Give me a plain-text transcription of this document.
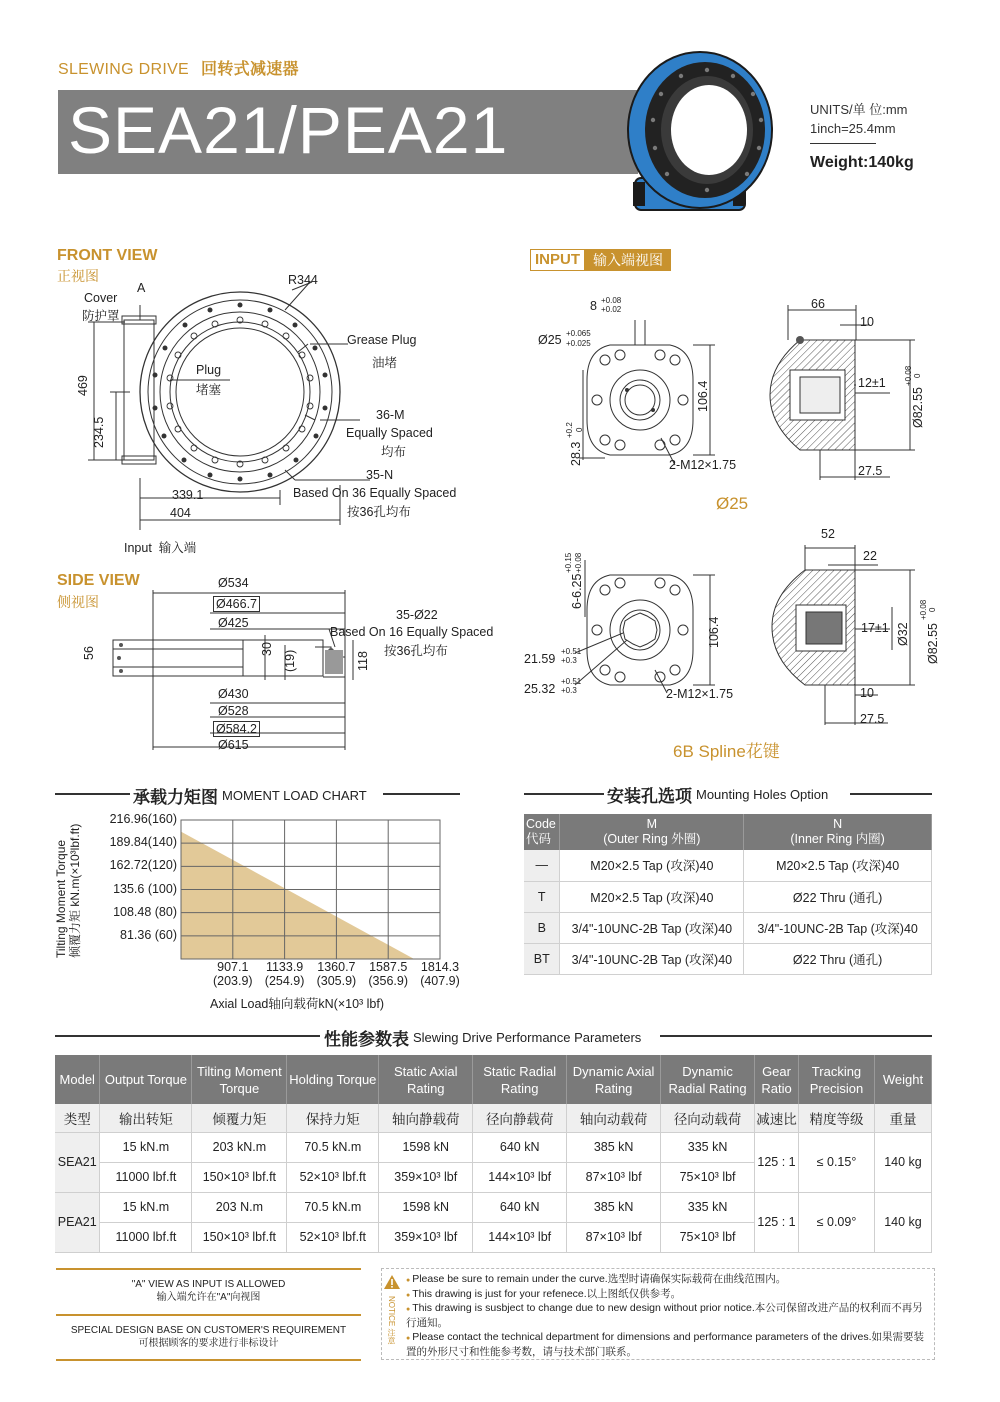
SLEWING DRIVE 回转式减速器
SEA21/PEA21	UNITS/单 位:mm
1inch=25.4mm
Weight:140kg
FRONT VIEW
正视图
A
Cover
防护罩
R344
Grease Plug
油堵
Plug
堵塞
36-M
Equally Spaced
均布
35-N
Based On 36 Equally Spaced
按36孔均布
469
234.5
339.1
404
Input 输入端
SIDE VIEW
侧视图
Ø534
Ø466.7
Ø425
35-Ø22
Based On 16 Equally Spaced
按36孔均布
56	30
(19)	118
Ø430
Ø528
Ø584.2
Ø615
INPUT 输入端视图
8 +0.08
+0.02
Ø25 +0.065
+0.025
106.4
28.3
+0.2 0
2-M12×1.75
66
10
12±1
Ø82.55
+0.08 0
27.5
Ø25
6-6.25
+0.15 +0.08
106.4
21.59
+0.51
+0.3
25.32
+0.51
+0.3	2-M12×1.75
52
22
17±1 Ø32 Ø82.55
+0.08 0
10
27.5
6B Spline花键
承载力矩图 MOMENT LOAD CHART
Tilting Moment Torque 倾覆力矩 kN.m(×10³lbf.ft)
216.96(160)
189.84(140)
162.72(120)
135.6 (100)
108.48 (80)
81.36 (60)
907.1
(203.9)
1133.9
(254.9)
1360.7
(305.9)
1587.5
(356.9)
1814.3
(407.9)
Axial Load轴向载荷kN(×10³ lbf)
安装孔选项 Mounting Holes Option
Code
代码	M
(Outer Ring 外圈)	N
(Inner Ring 内圈)
—	M20×2.5 Tap (攻深)40	M20×2.5 Tap (攻深)40
T	M20×2.5 Tap (攻深)40	Ø22 Thru (通孔)
B	3/4"-10UNC-2B Tap (攻深)40	3/4"-10UNC-2B Tap (攻深)40
BT	3/4"-10UNC-2B Tap (攻深)40	Ø22 Thru (通孔)
性能参数表 Slewing Drive Performance Parameters
Model	Output Torque	Tilting Moment Torque	Holding Torque	Static Axial Rating	Static Radial Rating	Dynamic Axial Rating	Dynamic Radial Rating	Gear Ratio	Tracking Precision	Weight
类型	输出转矩	倾覆力矩	保持力矩	轴向静载荷	径向静载荷	轴向动载荷	径向动载荷	减速比	精度等级	重量
SEA21	15 kN.m	203 kN.m	70.5 kN.m	1598 kN	640 kN	385 kN	335 kN	125 : 1	≤ 0.15°	140 kg
	11000 lbf.ft	150×10³ lbf.ft	52×10³ lbf.ft	359×10³ lbf	144×10³ lbf	87×10³ lbf	75×10³ lbf			
PEA21	15 kN.m	203 N.m	70.5 kN.m	1598 kN	640 kN	385 kN	335 kN	125 : 1	≤ 0.09°	140 kg
	11000 lbf.ft	150×10³ lbf.ft	52×10³ lbf.ft	359×10³ lbf	144×10³ lbf	87×10³ lbf	75×10³ lbf			
"A" VIEW AS INPUT IS ALLOWED
输入端允许在"A"向视图
SPECIAL DESIGN BASE ON CUSTOMER'S REQUIREMENT
可根据顾客的要求进行非标设计	NOTICE 注意
● Please be sure to remain under the curve.选型时请确保实际载荷在曲线范围内。
● This drawing is just for your refenece.以上图纸仅供参考。
● This drawing is susbject to change due to new design without prior notice.本公司保留改进产品的权利而不再另行通知。
● Please contact the technical department for dimensions and performance parameters of the drives.如果需要装置的外形尺寸和性能参考数，请与技术部门联系。
